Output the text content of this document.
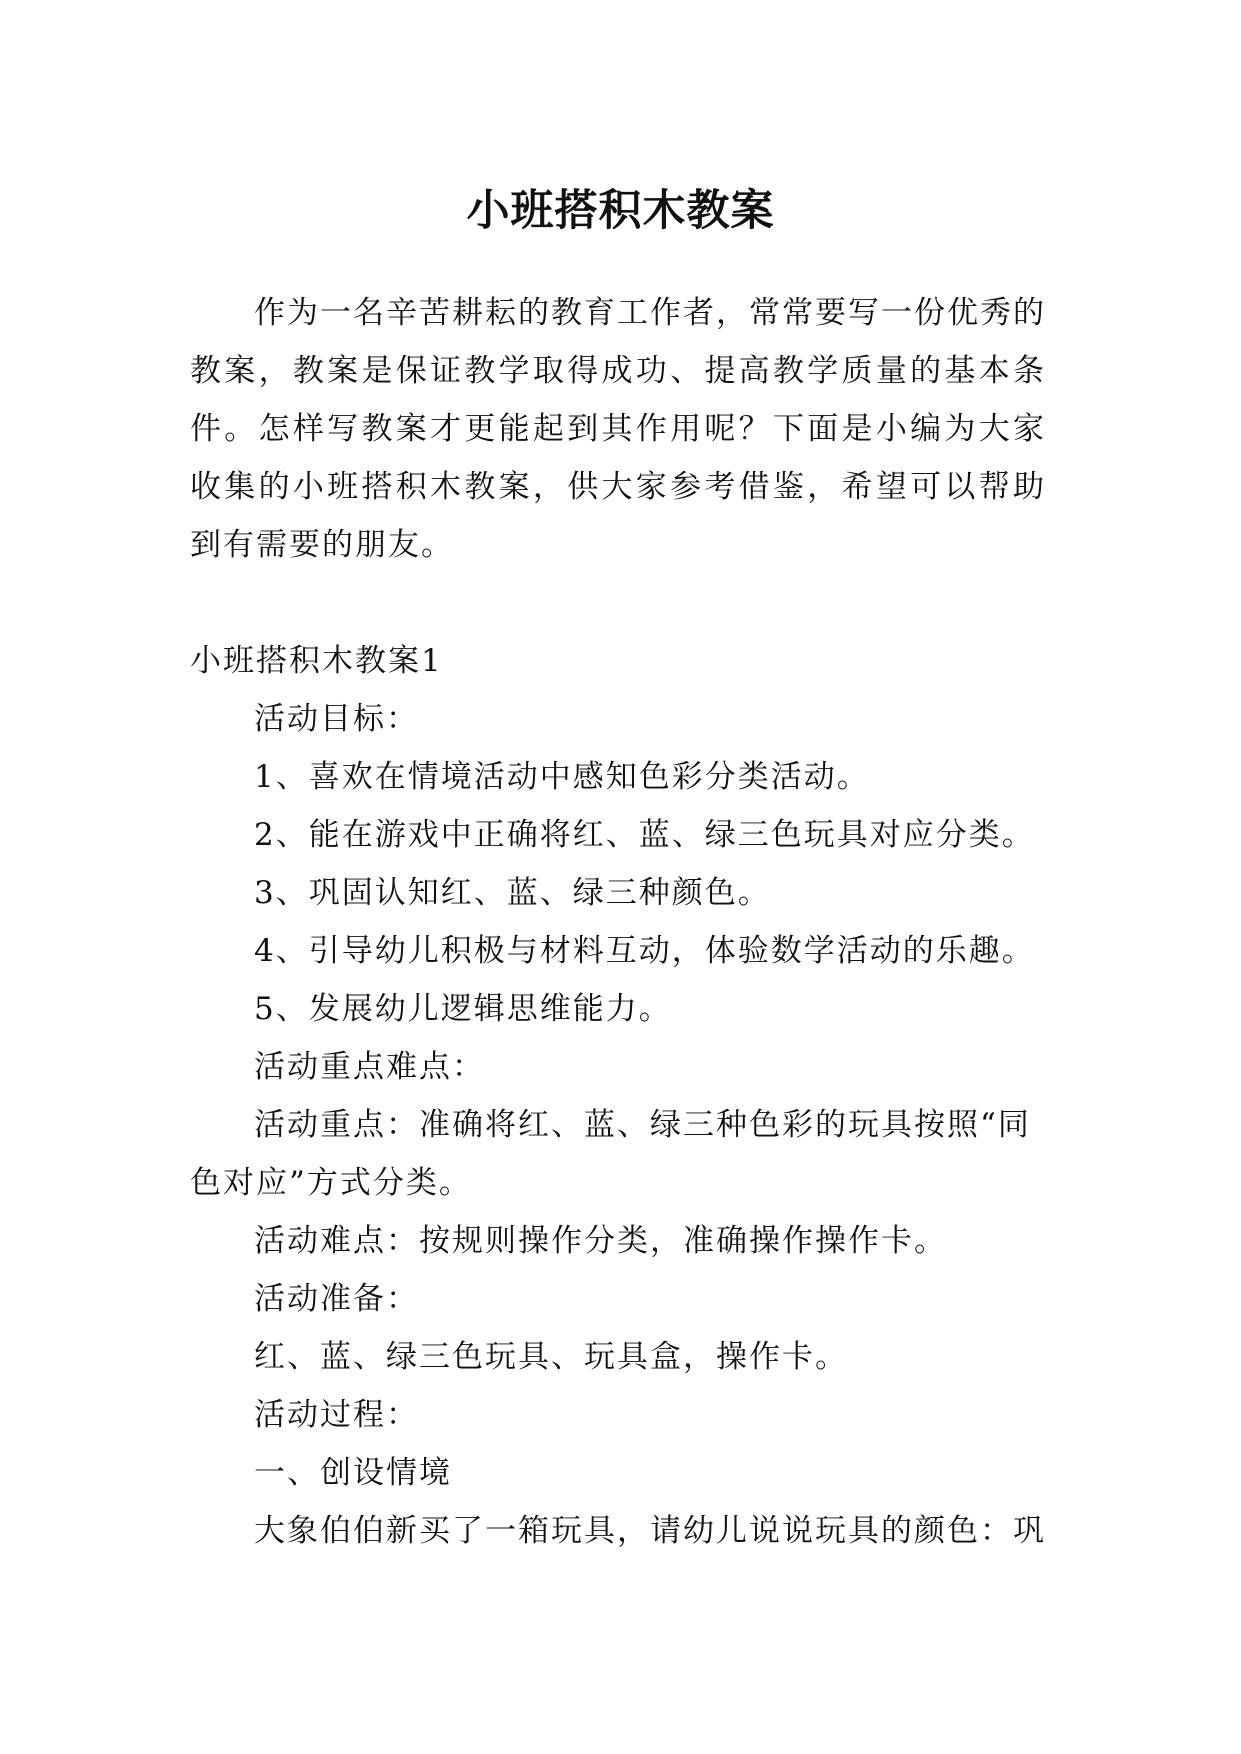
小班搭积木教案

作为一名辛苦耕耘的教育工作者，常常要写一份优秀的教案，教案是保证教学取得成功、提高教学质量的基本条件。怎样写教案才更能起到其作用呢？下面是小编为大家收集的小班搭积木教案，供大家参考借鉴，希望可以帮助到有需要的朋友。

小班搭积木教案1

活动目标：

1、喜欢在情境活动中感知色彩分类活动。

2、能在游戏中正确将红、蓝、绿三色玩具对应分类。

3、巩固认知红、蓝、绿三种颜色。

4、引导幼儿积极与材料互动，体验数学活动的乐趣。

5、发展幼儿逻辑思维能力。

活动重点难点：

活动重点：准确将红、蓝、绿三种色彩的玩具按照“同色对应”方式分类。

活动难点：按规则操作分类，准确操作操作卡。

活动准备：

红、蓝、绿三色玩具、玩具盒，操作卡。

活动过程：

一、创设情境

大象伯伯新买了一箱玩具，请幼儿说说玩具的颜色：巩
